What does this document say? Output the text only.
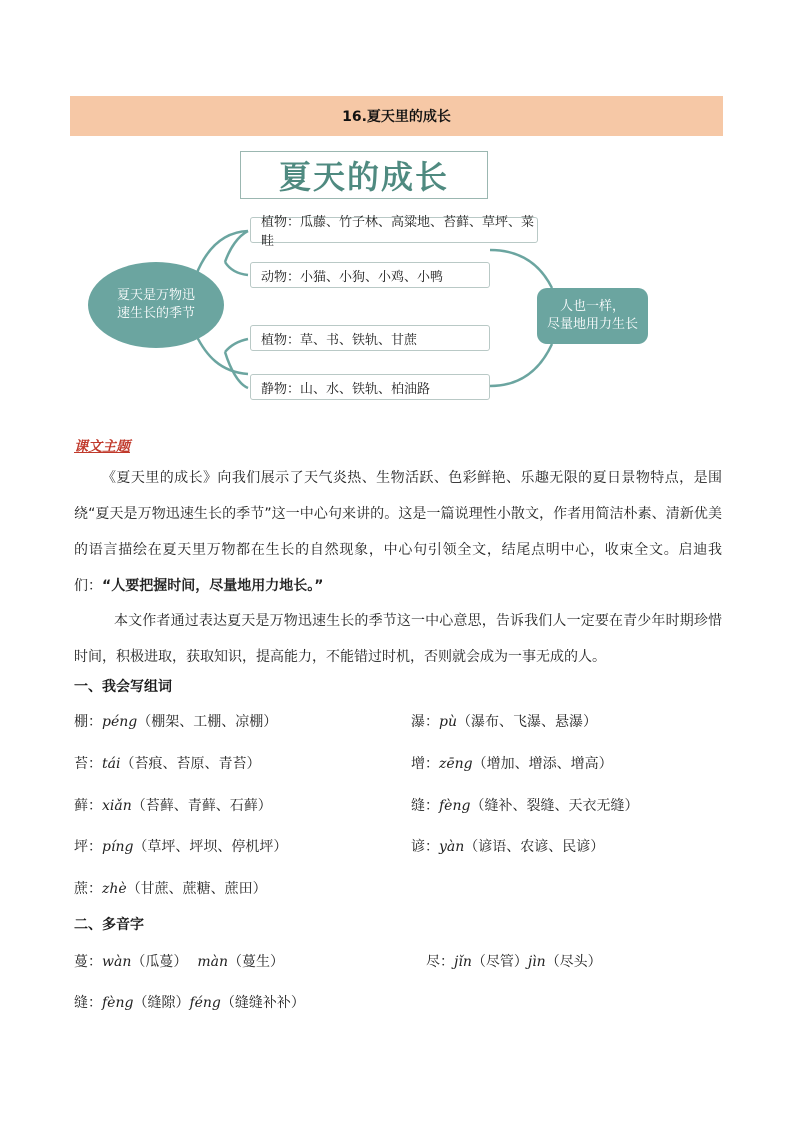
16.夏天里的成长
夏天的成长
夏天是万物迅
速生长的季节
植物：瓜藤、竹子林、高粱地、苔藓、草坪、菜畦
动物：小猫、小狗、小鸡、小鸭
植物：草、书、铁轨、甘蔗
静物：山、水、铁轨、柏油路
人也一样，
尽量地用力生长
课文主题
《夏天里的成长》向我们展示了天气炎热、生物活跃、色彩鲜艳、乐趣无限的夏日景物特点，是围绕“夏天是万物迅速生长的季节”这一中心句来讲的。这是一篇说理性小散文，作者用简洁朴素、清新优美的语言描绘在夏天里万物都在生长的自然现象，中心句引领全文，结尾点明中心，收束全文。启迪我们：“人要把握时间，尽量地用力地长。”
本文作者通过表达夏天是万物迅速生长的季节这一中心意思，告诉我们人一定要在青少年时期珍惜时间，积极进取，获取知识，提高能力，不能错过时机，否则就会成为一事无成的人。
一、我会写组词
棚：péng（棚架、工棚、凉棚）	瀑：pù（瀑布、飞瀑、悬瀑）
苔：tái（苔痕、苔原、青苔）	增：zēng（增加、增添、增高）
藓：xiǎn（苔藓、青藓、石藓）	缝：fèng（缝补、裂缝、天衣无缝）
坪：píng（草坪、坪坝、停机坪）	谚：yàn（谚语、农谚、民谚）
蔗：zhè（甘蔗、蔗糖、蔗田）
二、多音字
蔓：wàn（瓜蔓） màn（蔓生）	尽：jǐn（尽管）jìn（尽头）
缝：fèng（缝隙）féng（缝缝补补）
